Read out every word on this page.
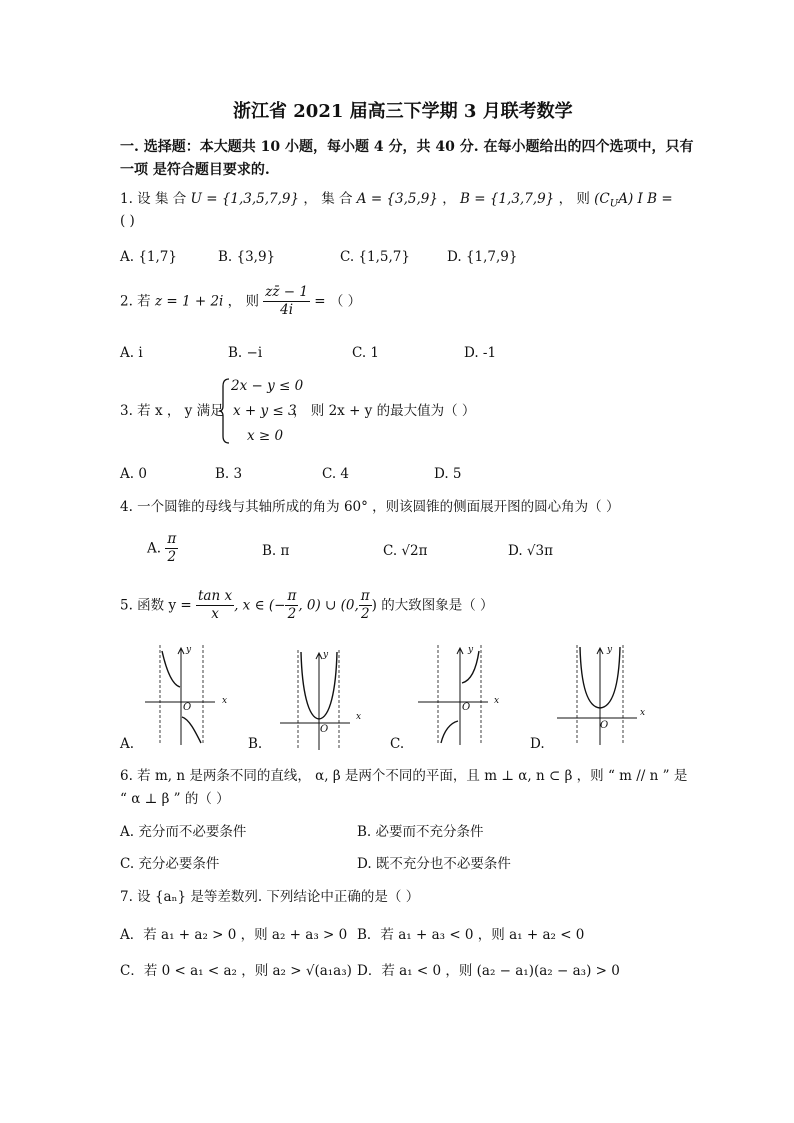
浙江省 2021 届高三下学期 3 月联考数学
一. 选择题：本大题共 10 小题，每小题 4 分，共 40 分. 在每小题给出的四个选项中，只有
一项 是符合题目要求的.
1. 设 集 合 U = {1,3,5,7,9} ， 集 合 A = {3,5,9} ， B = {1,3,7,9} ， 则 $(C_UA)$ I B =
( )
A. {1,7}	B. {3,9}	C. {1,5,7}	D. {1,7,9}
2. 若 z = 1 + 2i ， 则 $\frac{zz̄ - 1}{4i}$ = （ ）
A. i	B. −i	C. 1	D. -1
3. 若 x ， y 满足
2x − y ≤ 0
x + y ≤ 3
x ≥ 0
， 则 2x + y 的最大值为（ ）
A. 0	B. 3	C. 4	D. 5
4. 一个圆锥的母线与其轴所成的角为 60° ，则该圆锥的侧面展开图的圆心角为（ ）
A. $\frac{\pi}{2}$	B. π	C. √2π	D. √3π
5. 函数 $y = \frac{\text{tan x}}{x}$ , x ∈ (− $\frac{\pi}{2}$ , 0) ∪ (0, $\frac{\pi}{2}$ ) 的大致图象是（ ）
y
x
O
y
x
O
y
x
O
y
x
O
A.	B.	C.	D.
6. 若 m, n 是两条不同的直线， α, β 是两个不同的平面，且 m ⊥ α, n ⊂ β ，则 “ m // n ” 是
“ α ⊥ β ” 的（ ）
A. 充分而不必要条件	B. 必要而不充分条件
C. 充分必要条件	D. 既不充分也不必要条件
7. 设 {aₙ} 是等差数列. 下列结论中正确的是（ ）
A．若 a₁ + a₂ > 0 ，则 a₂ + a₃ > 0 B．若 a₁ + a₃ < 0 ，则 a₁ + a₂ < 0
C．若 0 < a₁ < a₂ ，则 a₂ > √(a₁a₃) D．若 a₁ < 0 ，则 (a₂ − a₁)(a₂ − a₃) > 0
